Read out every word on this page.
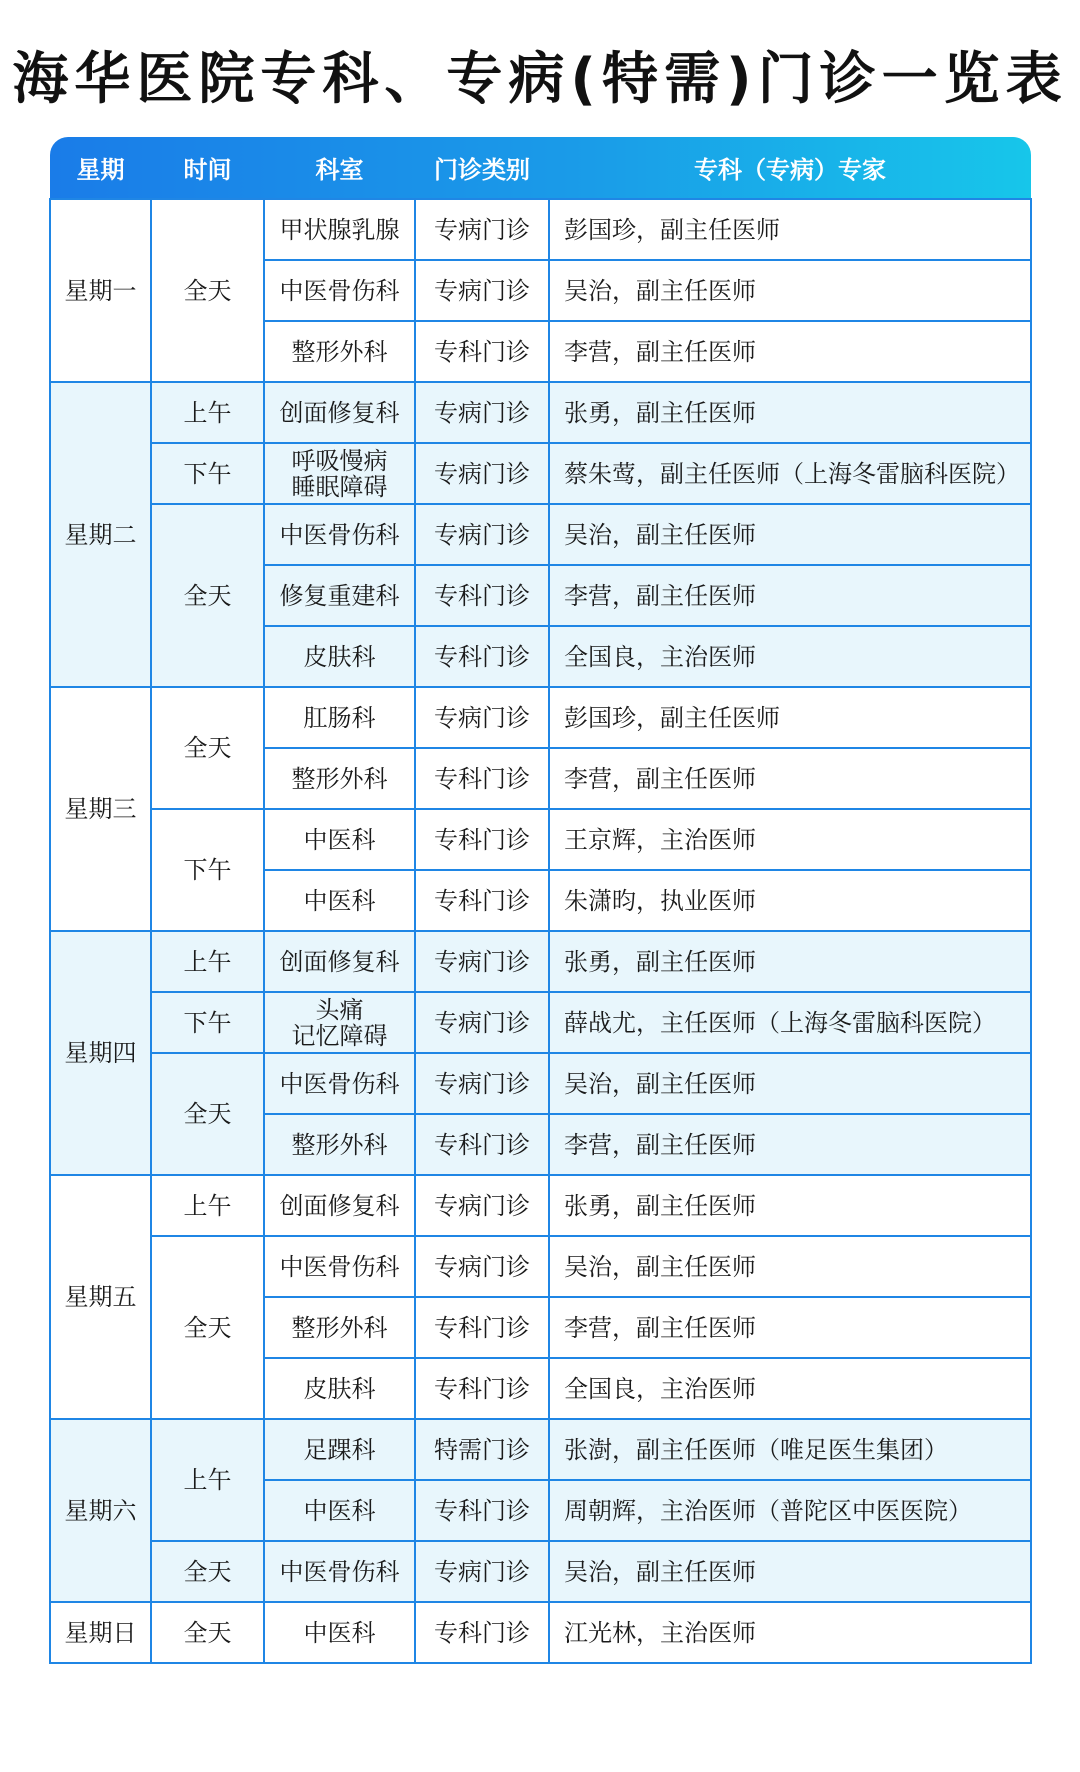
海华医院专科、专病(特需)门诊一览表
星期	时间	科室	门诊类别	专科（专病）专家
星期一	全天	甲状腺乳腺	专病门诊	彭国珍，副主任医师

		中医骨伤科	专病门诊	吴治，副主任医师

		整形外科	专科门诊	李营，副主任医师
星期二	上午	创面修复科	专病门诊	张勇，副主任医师
	下午	呼吸慢病
睡眠障碍	专病门诊	蔡朱莺，副主任医师（上海冬雷脑科医院）
	全天	中医骨伤科	专病门诊	吴治，副主任医师

		修复重建科	专科门诊	李营，副主任医师

		皮肤科	专科门诊	全国良，主治医师
星期三	全天	肛肠科	专病门诊	彭国珍，副主任医师

		整形外科	专科门诊	李营，副主任医师
	下午	中医科	专科门诊	王京辉，主治医师

		中医科	专科门诊	朱潇昀，执业医师
星期四	上午	创面修复科	专病门诊	张勇，副主任医师
	下午	头痛
记忆障碍	专病门诊	薛战尤，主任医师（上海冬雷脑科医院）
	全天	中医骨伤科	专病门诊	吴治，副主任医师

		整形外科	专科门诊	李营，副主任医师
星期五	上午	创面修复科	专病门诊	张勇，副主任医师
	全天	中医骨伤科	专病门诊	吴治，副主任医师

		整形外科	专科门诊	李营，副主任医师

		皮肤科	专科门诊	全国良，主治医师
星期六	上午	足踝科	特需门诊	张澍，副主任医师（唯足医生集团）

		中医科	专科门诊	周朝辉，主治医师（普陀区中医医院）
	全天	中医骨伤科	专病门诊	吴治，副主任医师
星期日	全天	中医科	专科门诊	江光林，主治医师
